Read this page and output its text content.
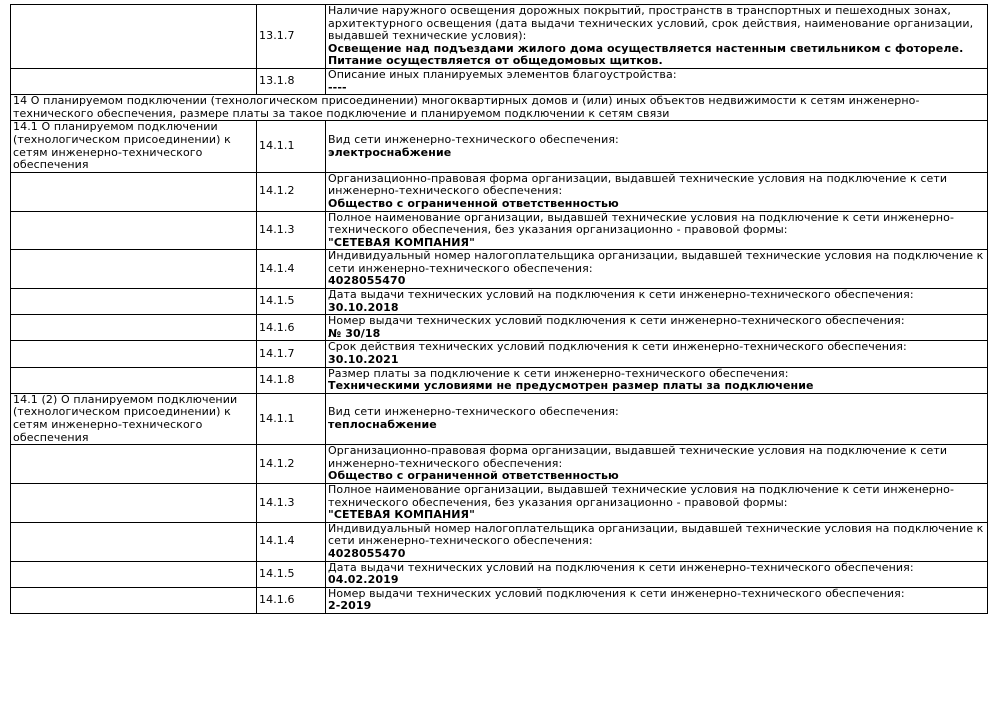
	13.1.7	Наличие наружного освещения дорожных покрытий, пространств в транспортных и пешеходных зонах, архитектурного освещения (дата выдачи технических условий, срок действия, наименование организации, выдавшей технические условия):
Освещение над подъездами жилого дома осуществляется настенным светильником с фотореле. Питание осуществляется от общедомовых щитков.

	13.1.8	Описание иных планируемых элементов благоустройства:
----

14 О планируемом подключении (технологическом присоединении) многоквартирных домов и (или) иных объектов недвижимости к сетям инженерно-технического обеспечения, размере платы за такое подключение и планируемом подключении к сетям связи		
14.1 О планируемом подключении (технологическом присоединении) к сетям инженерно-технического обеспечения	14.1.1	Вид сети инженерно-технического обеспечения:
электроснабжение

	14.1.2	Организационно-правовая форма организации, выдавшей технические условия на подключение к сети инженерно-технического обеспечения:
Общество с ограниченной ответственностью

	14.1.3	Полное наименование организации, выдавшей технические условия на подключение к сети инженерно-технического обеспечения, без указания организационно - правовой формы:
"СЕТЕВАЯ КОМПАНИЯ"

	14.1.4	Индивидуальный номер налогоплательщика организации, выдавшей технические условия на подключение к сети инженерно-технического обеспечения:
4028055470

	14.1.5	Дата выдачи технических условий на подключения к сети инженерно-технического обеспечения:
30.10.2018

	14.1.6	Номер выдачи технических условий подключения к сети инженерно-технического обеспечения:
№ 30/18

	14.1.7	Срок действия технических условий подключения к сети инженерно-технического обеспечения:
30.10.2021

	14.1.8	Размер платы за подключение к сети инженерно-технического обеспечения:
Техническими условиями не предусмотрен размер платы за подключение

14.1 (2) О планируемом подключении (технологическом присоединении) к сетям инженерно-технического обеспечения	14.1.1	Вид сети инженерно-технического обеспечения:
теплоснабжение

	14.1.2	Организационно-правовая форма организации, выдавшей технические условия на подключение к сети инженерно-технического обеспечения:
Общество с ограниченной ответственностью

	14.1.3	Полное наименование организации, выдавшей технические условия на подключение к сети инженерно-технического обеспечения, без указания организационно - правовой формы:
"СЕТЕВАЯ КОМПАНИЯ"

	14.1.4	Индивидуальный номер налогоплательщика организации, выдавшей технические условия на подключение к сети инженерно-технического обеспечения:
4028055470

	14.1.5	Дата выдачи технических условий на подключения к сети инженерно-технического обеспечения:
04.02.2019

	14.1.6	Номер выдачи технических условий подключения к сети инженерно-технического обеспечения:
2-2019
